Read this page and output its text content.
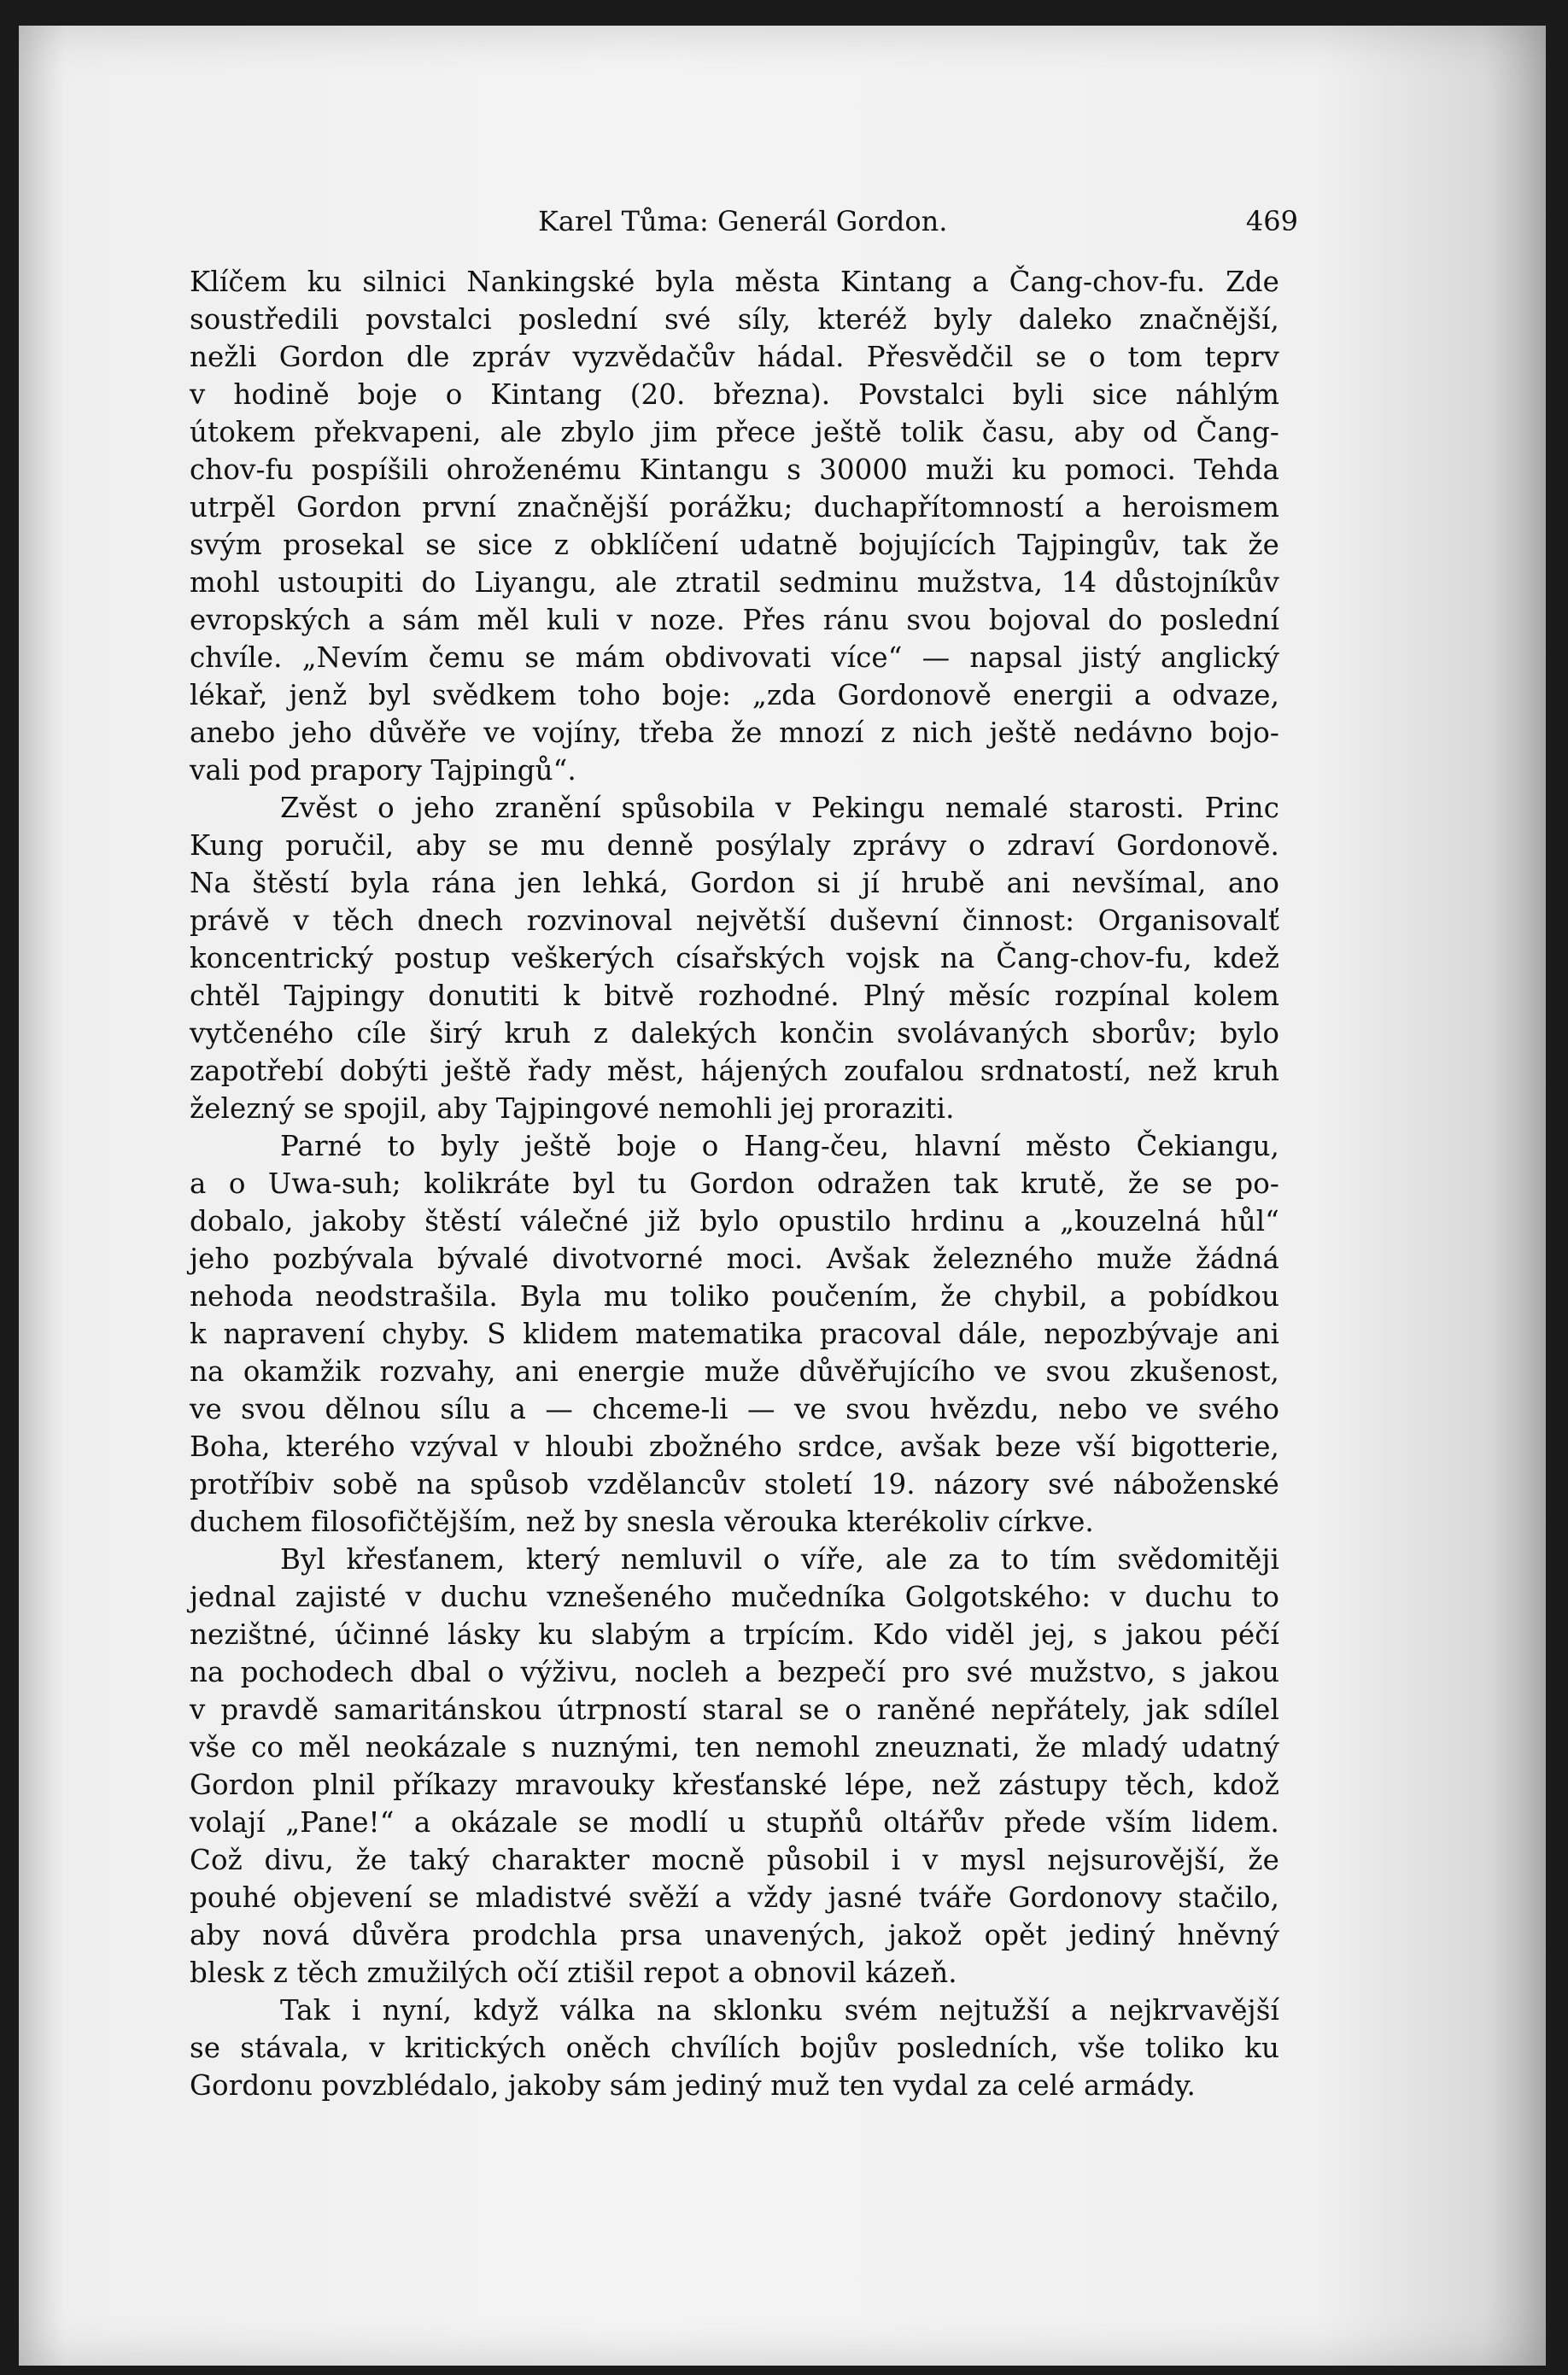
Karel Tůma: Generál Gordon.	469
Klíčem ku silnici Nankingské byla města Kintang a Čang-chov-fu. Zde
soustředili povstalci poslední své síly, kteréž byly daleko značnější,
nežli Gordon dle zpráv vyzvědačův hádal. Přesvědčil se o tom teprv
v hodině boje o Kintang (20. března). Povstalci byli sice náhlým
útokem překvapeni, ale zbylo jim přece ještě tolik času, aby od Čang-
chov-fu pospíšili ohroženému Kintangu s 30000 muži ku pomoci. Tehda
utrpěl Gordon první značnější porážku; duchapřítomností a heroismem
svým prosekal se sice z obklíčení udatně bojujících Tajpingův, tak že
mohl ustoupiti do Liyangu, ale ztratil sedminu mužstva, 14 důstojníkův
evropských a sám měl kuli v noze. Přes ránu svou bojoval do poslední
chvíle. „Nevím čemu se mám obdivovati více“ — napsal jistý anglický
lékař, jenž byl svědkem toho boje: „zda Gordonově energii a odvaze,
anebo jeho důvěře ve vojíny, třeba že mnozí z nich ještě nedávno bojo-
vali pod prapory Tajpingů“.
Zvěst o jeho zranění spůsobila v Pekingu nemalé starosti. Princ
Kung poručil, aby se mu denně posýlaly zprávy o zdraví Gordonově.
Na štěstí byla rána jen lehká, Gordon si jí hrubě ani nevšímal, ano
právě v těch dnech rozvinoval největší duševní činnost: Organisovalť
koncentrický postup veškerých císařských vojsk na Čang-chov-fu, kdež
chtěl Tajpingy donutiti k bitvě rozhodné. Plný měsíc rozpínal kolem
vytčeného cíle širý kruh z dalekých končin svolávaných sborův; bylo
zapotřebí dobýti ještě řady měst, hájených zoufalou srdnatostí, než kruh
železný se spojil, aby Tajpingové nemohli jej proraziti.
Parné to byly ještě boje o Hang-čeu, hlavní město Čekiangu,
a o Uwa-suh; kolikráte byl tu Gordon odražen tak krutě, že se po-
dobalo, jakoby štěstí válečné již bylo opustilo hrdinu a „kouzelná hůl“
jeho pozbývala bývalé divotvorné moci. Avšak železného muže žádná
nehoda neodstrašila. Byla mu toliko poučením, že chybil, a pobídkou
k napravení chyby. S klidem matematika pracoval dále, nepozbývaje ani
na okamžik rozvahy, ani energie muže důvěřujícího ve svou zkušenost,
ve svou dělnou sílu a — chceme-li — ve svou hvězdu, nebo ve svého
Boha, kterého vzýval v hloubi zbožného srdce, avšak beze vší bigotterie,
protříbiv sobě na spůsob vzdělancův století 19. názory své náboženské
duchem filosofičtějším, než by snesla věrouka kterékoliv církve.
Byl křesťanem, který nemluvil o víře, ale za to tím svědomitěji
jednal zajisté v duchu vznešeného mučedníka Golgotského: v duchu to
nezištné, účinné lásky ku slabým a trpícím. Kdo viděl jej, s jakou péčí
na pochodech dbal o výživu, nocleh a bezpečí pro své mužstvo, s jakou
v pravdě samaritánskou útrpností staral se o raněné nepřátely, jak sdílel
vše co měl neokázale s nuznými, ten nemohl zneuznati, že mladý udatný
Gordon plnil příkazy mravouky křesťanské lépe, než zástupy těch, kdož
volají „Pane!“ a okázale se modlí u stupňů oltářův přede vším lidem.
Což divu, že taký charakter mocně působil i v mysl nejsurovější, že
pouhé objevení se mladistvé svěží a vždy jasné tváře Gordonovy stačilo,
aby nová důvěra prodchla prsa unavených, jakož opět jediný hněvný
blesk z těch zmužilých očí ztišil repot a obnovil kázeň.
Tak i nyní, když válka na sklonku svém nejtužší a nejkrvavější
se stávala, v kritických oněch chvílích bojův posledních, vše toliko ku
Gordonu povzblédalo, jakoby sám jediný muž ten vydal za celé armády.
